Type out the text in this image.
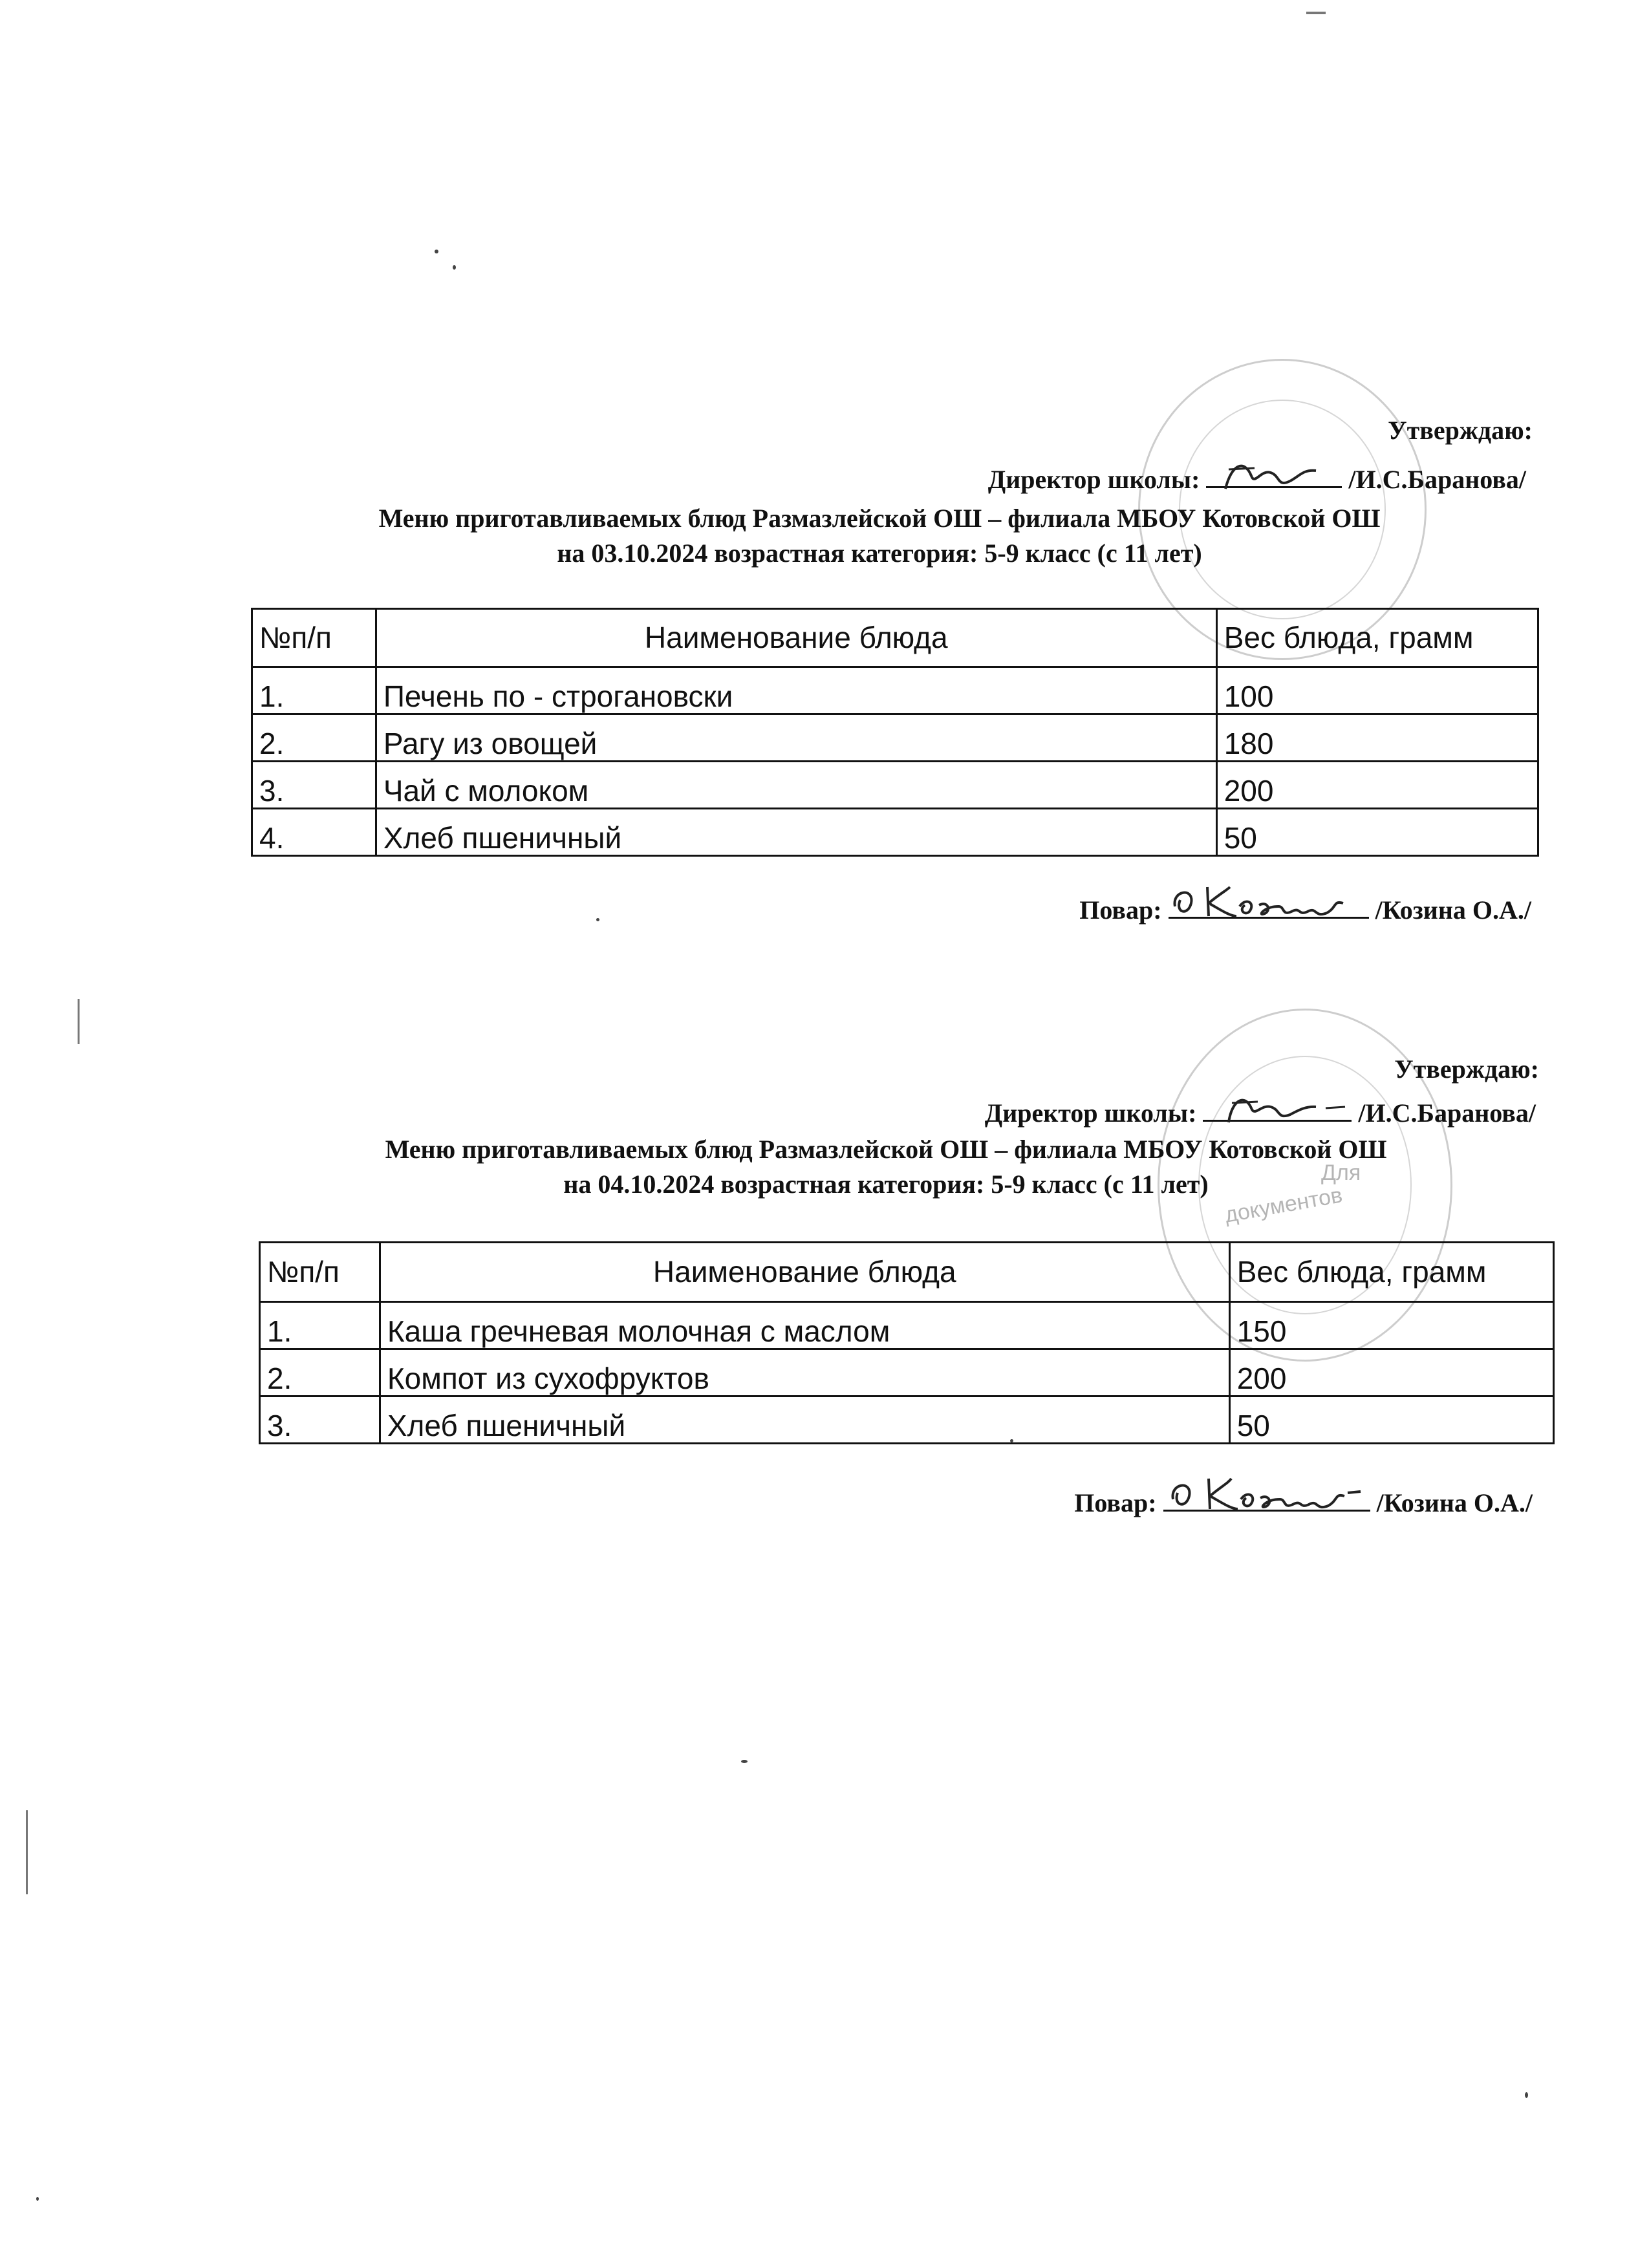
Для
документов
Утверждаю:
Директор школы:	/И.С.Баранова/
Меню приготавливаемых блюд Размазлейской ОШ – филиала МБОУ Котовской ОШ
на 03.10.2024 возрастная категория: 5-9 класс (с 11 лет)
№п/п	Наименование блюда	Вес блюда, грамм
1.	Печень по - строгановски	100
2.	Рагу из овощей	180
3.	Чай с молоком	200
4.	Хлеб пшеничный	50
Повар:	/Козина О.А./
Утверждаю:
Директор школы:	/И.С.Баранова/
Меню приготавливаемых блюд Размазлейской ОШ – филиала МБОУ Котовской ОШ
на 04.10.2024 возрастная категория: 5-9 класс (с 11 лет)
№п/п	Наименование блюда	Вес блюда, грамм
1.	Каша гречневая молочная с маслом	150
2.	Компот из сухофруктов	200
3.	Хлеб пшеничный	50
Повар:	/Козина О.А./
